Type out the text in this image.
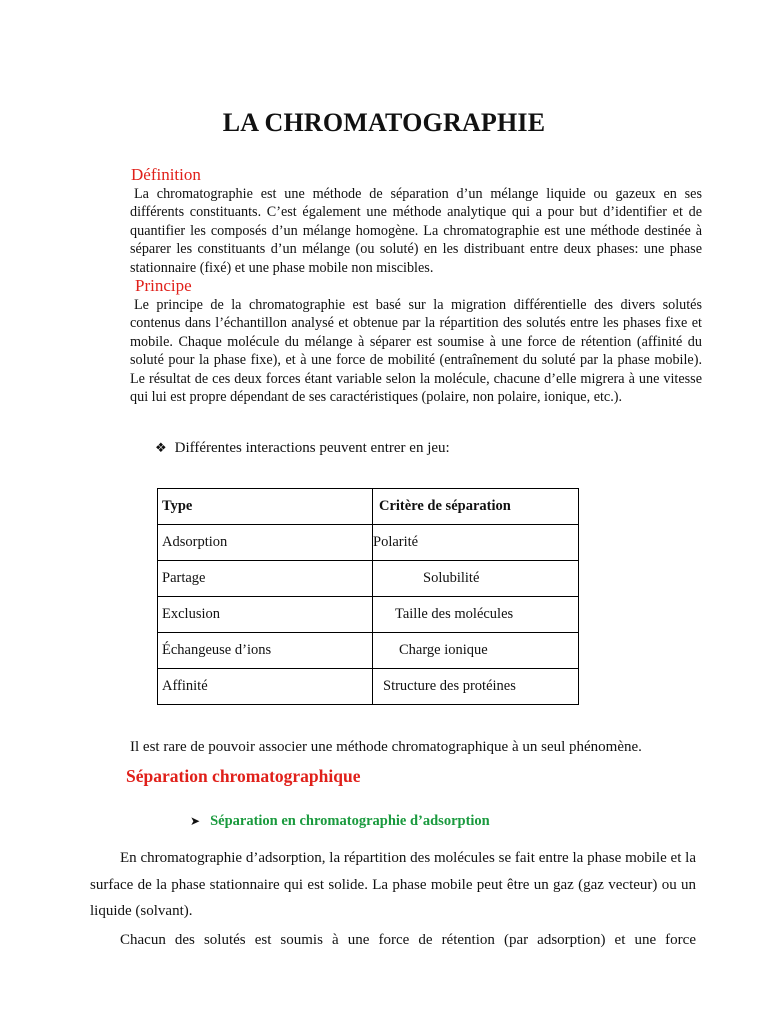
LA CHROMATOGRAPHIE
Définition
La chromatographie est une méthode de séparation d’un mélange liquide ou gazeux en ses différents constituants. C’est également une méthode analytique qui a pour but d’identifier et de quantifier les composés d’un mélange homogène. La chromatographie est une méthode destinée à séparer les constituants d’un mélange (ou soluté) en les distribuant entre deux phases: une phase stationnaire (fixé) et une phase mobile non miscibles.
Principe
Le principe de la chromatographie est basé sur la migration différentielle des divers solutés contenus dans l’échantillon analysé et obtenue par la répartition des solutés entre les phases fixe et mobile. Chaque molécule du mélange à séparer est soumise à une force de rétention (affinité du soluté pour la phase fixe), et à une force de mobilité (entraînement du soluté par la phase mobile). Le résultat de ces deux forces étant variable selon la molécule, chacune d’elle migrera à une vitesse qui lui est propre dépendant de ses caractéristiques (polaire, non polaire, ionique, etc.).
❖ Différentes interactions peuvent entrer en jeu:
Type	Critère de séparation
Adsorption	Polarité
Partage	Solubilité
Exclusion	Taille des molécules
Échangeuse d’ions	Charge ionique
Affinité	Structure des protéines
Il est rare de pouvoir associer une méthode chromatographique à un seul phénomène.
Séparation chromatographique
➤ Séparation en chromatographie d’adsorption
En chromatographie d’adsorption, la répartition des molécules se fait entre la phase mobile et la surface de la phase stationnaire qui est solide. La phase mobile peut être un gaz (gaz vecteur) ou un liquide (solvant).
Chacun des solutés est soumis à une force de rétention (par adsorption) et une force
